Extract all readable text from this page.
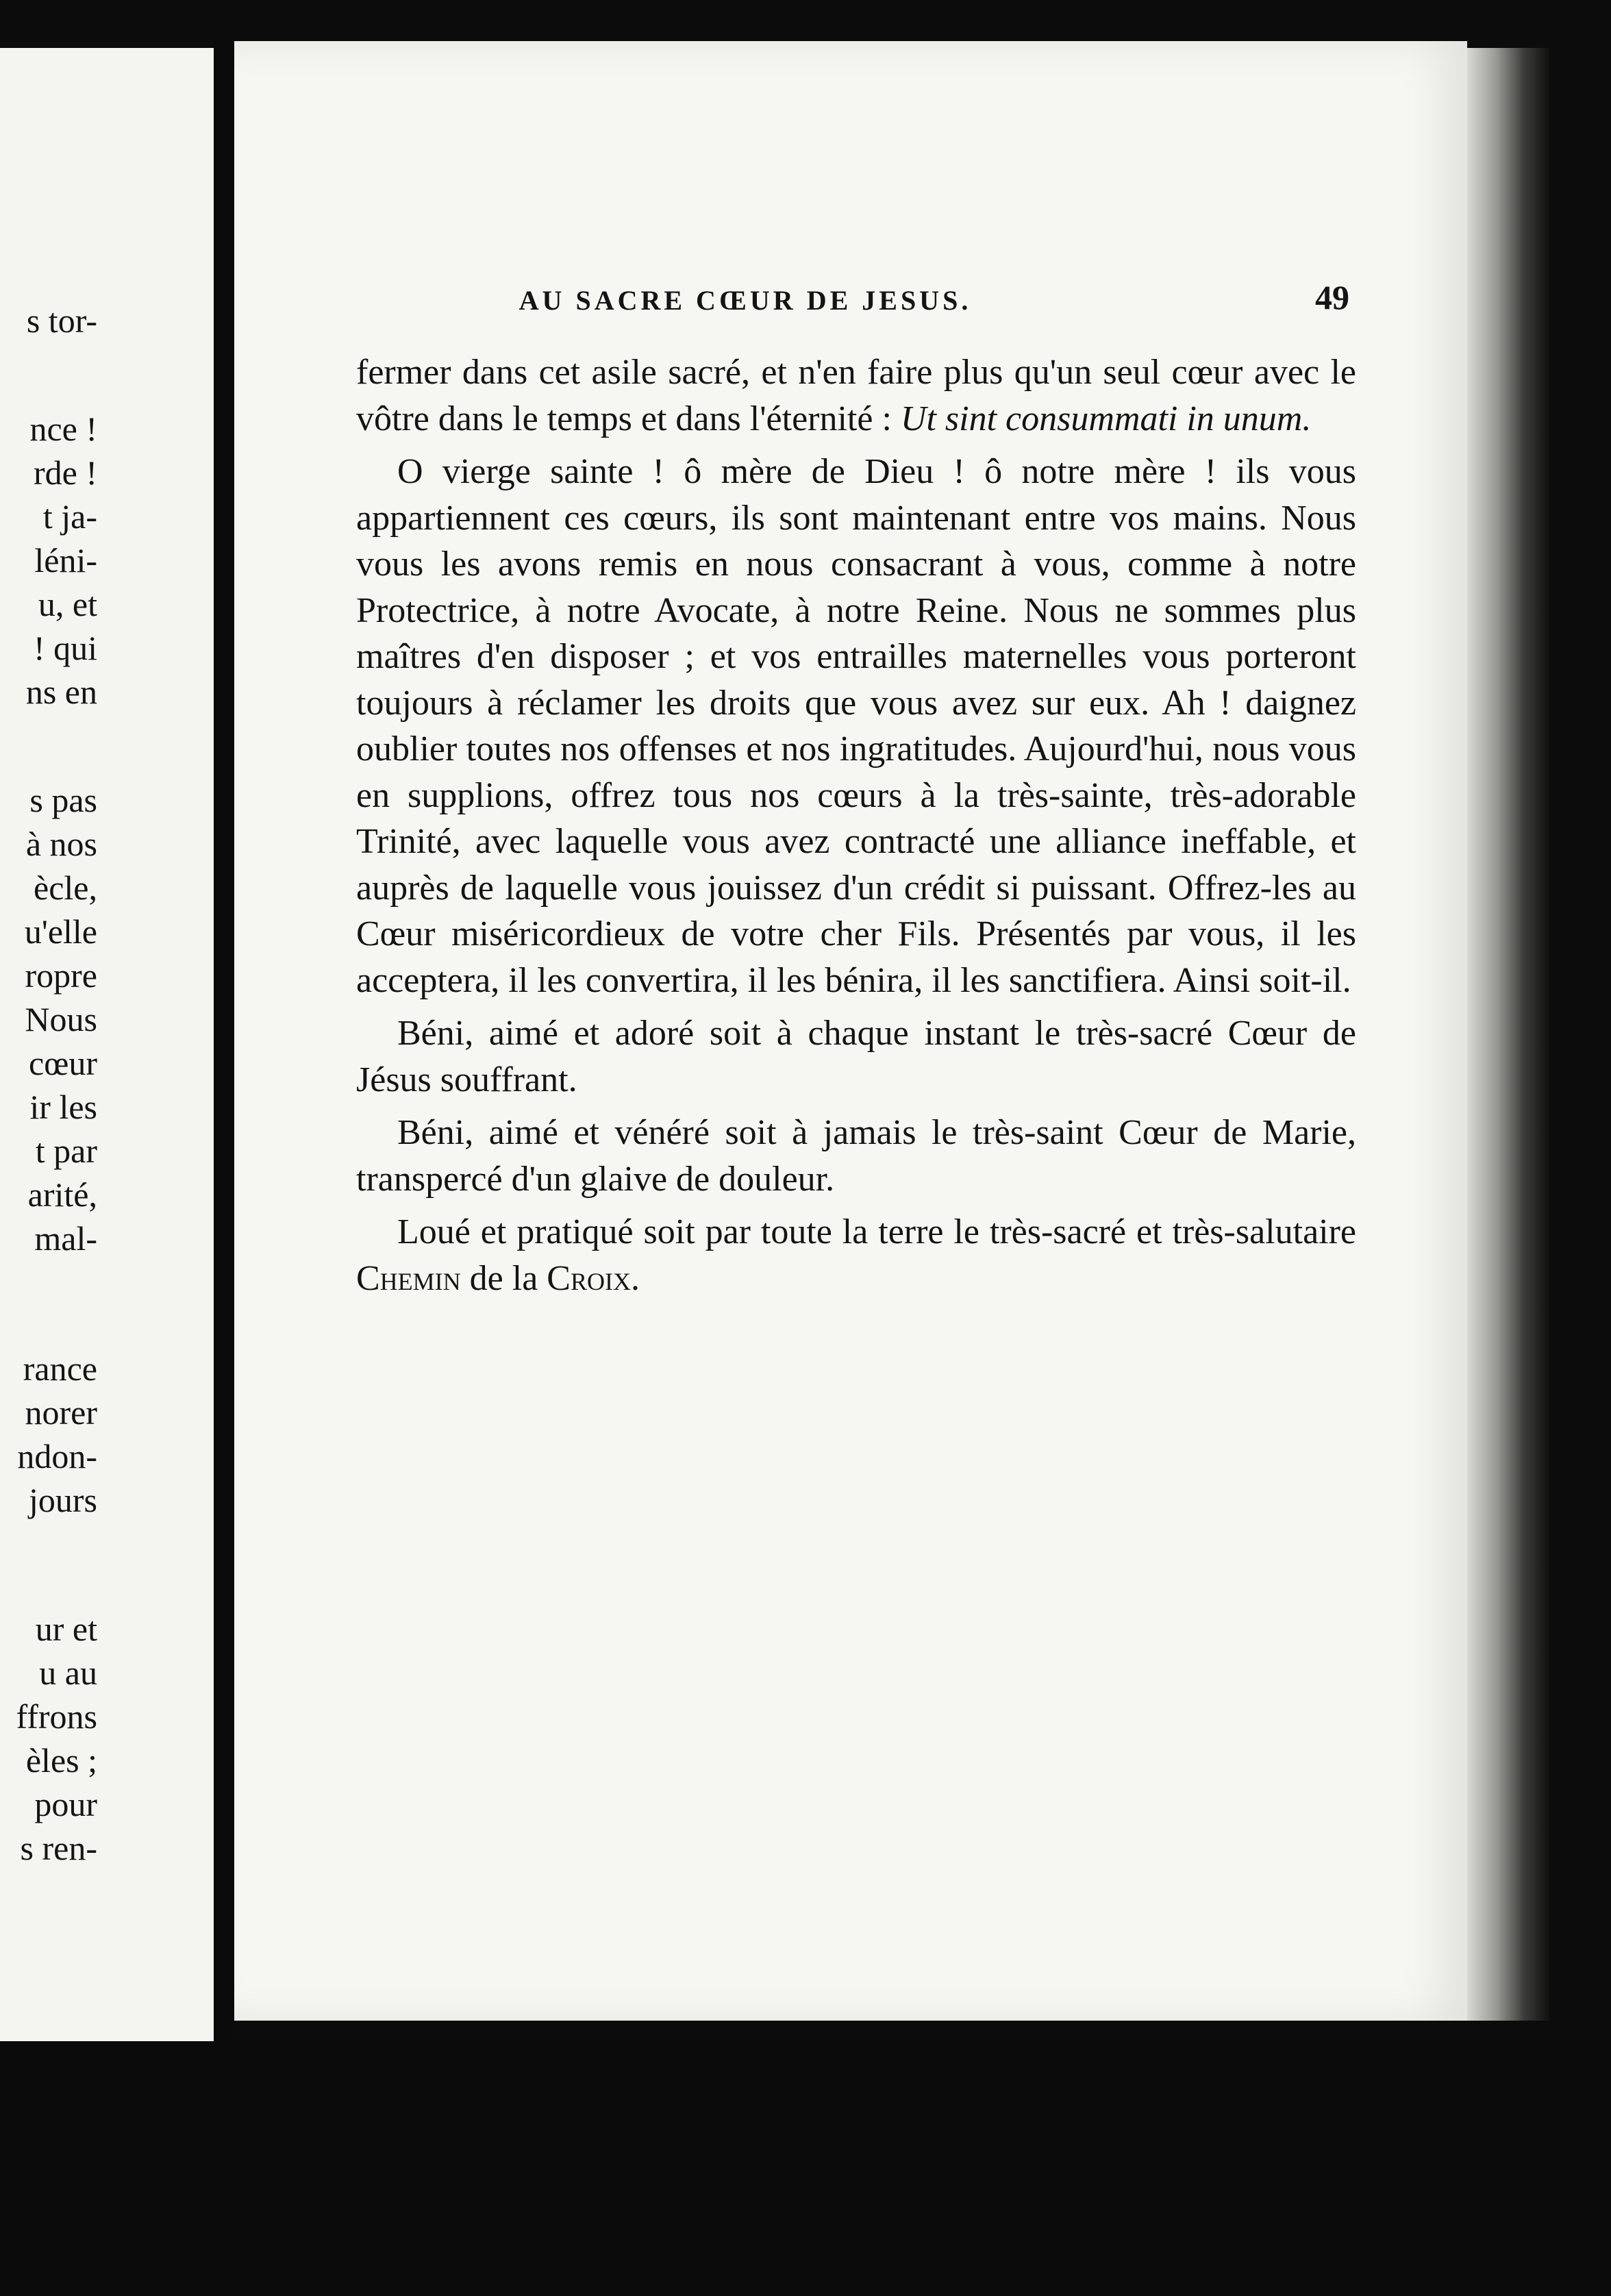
s tor-
nce !
rde !
t ja-
léni-
u, et
! qui
ns en
s pas
à nos
ècle,
u'elle
ropre
Nous
cœur
ir les
t par
arité,
mal-
rance
norer
ndon-
jours
ur et
u au
ffrons
èles ;
pour
s ren-
AU SACRE CŒUR DE JESUS.	49

fermer dans cet asile sacré, et n'en faire plus qu'un seul cœur avec le vôtre dans le temps et dans l'éternité : Ut sint consummati in unum.

O vierge sainte ! ô mère de Dieu ! ô notre mère ! ils vous appartiennent ces cœurs, ils sont maintenant entre vos mains. Nous vous les avons remis en nous consacrant à vous, comme à notre Protectrice, à notre Avocate, à notre Reine. Nous ne sommes plus maîtres d'en disposer ; et vos entrailles maternelles vous porteront toujours à réclamer les droits que vous avez sur eux. Ah ! daignez oublier toutes nos offenses et nos ingratitudes. Aujourd'hui, nous vous en supplions, offrez tous nos cœurs à la très-sainte, très-adorable Trinité, avec laquelle vous avez contracté une alliance ineffable, et auprès de laquelle vous jouissez d'un crédit si puissant. Offrez-les au Cœur miséricordieux de votre cher Fils. Présentés par vous, il les acceptera, il les convertira, il les bénira, il les sanctifiera. Ainsi soit-il.

Béni, aimé et adoré soit à chaque instant le très-sacré Cœur de Jésus souffrant.

Béni, aimé et vénéré soit à jamais le très-saint Cœur de Marie, transpercé d'un glaive de douleur.

Loué et pratiqué soit par toute la terre le très-sacré et très-salutaire Chemin de la Croix.
